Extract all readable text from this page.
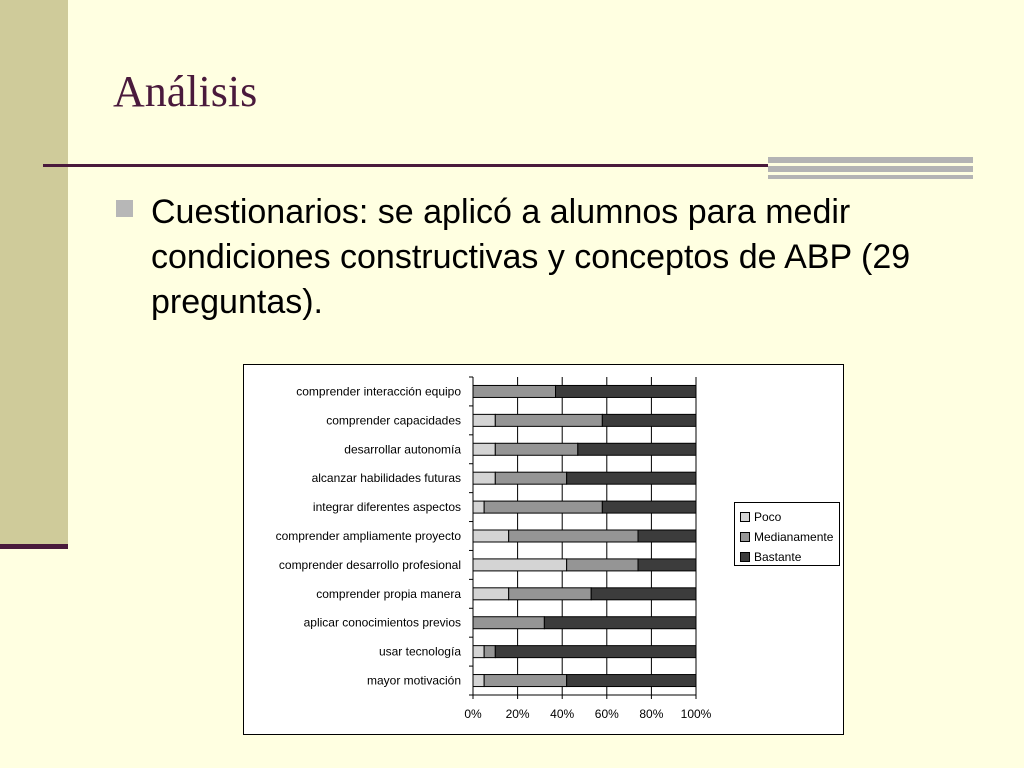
Análisis

Cuestionarios: se aplicó a alumnos para medir condiciones constructivas y conceptos de ABP (29 preguntas).

comprender interacción equipo
comprender capacidades
desarrollar autonomía
alcanzar habilidades futuras
integrar diferentes aspectos
comprender ampliamente proyecto
comprender desarrollo profesional
comprender propia manera
aplicar conocimientos previos
usar tecnología
mayor motivación
0% 20% 40% 60% 80% 100%
Poco
Medianamente
Bastante
